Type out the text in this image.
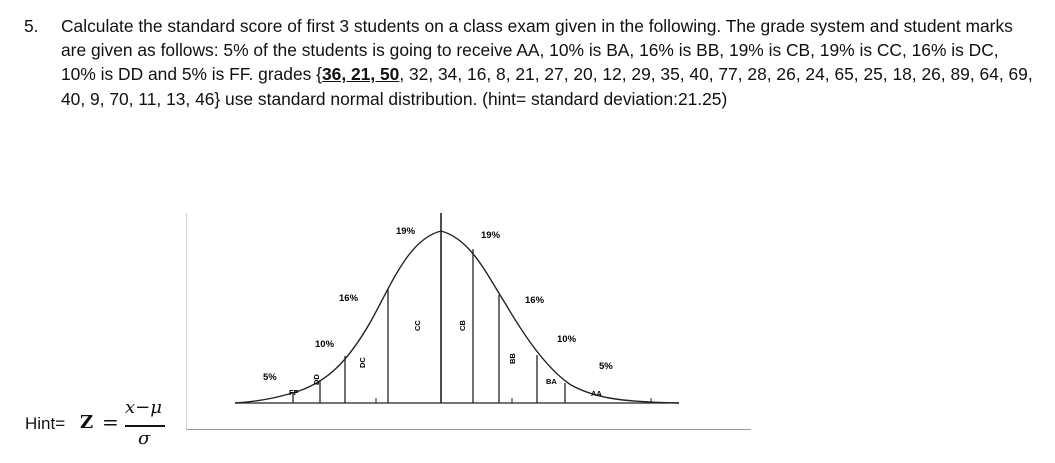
5.	Calculate the standard score of first 3 students on a class exam given in the following. The grade system and student marks are given as follows: 5% of the students is going to receive AA, 10% is BA, 16% is BB, 19% is CB, 19% is CC, 16% is DC, 10% is DD and 5% is FF. grades {36, 21, 50, 32, 34, 16, 8, 21, 27, 20, 12, 29, 35, 40, 77, 28, 26, 24, 65, 25, 18, 26, 89, 64, 69, 40, 9, 70, 11, 13, 46} use standard normal distribution. (hint= standard deviation:21.25)
5%
10%
16%
19%	19%
16%
10%
5%
FF
DD
DC
CC	CB
BB
BA
AA
Hint= Z =
x−μ
σ
